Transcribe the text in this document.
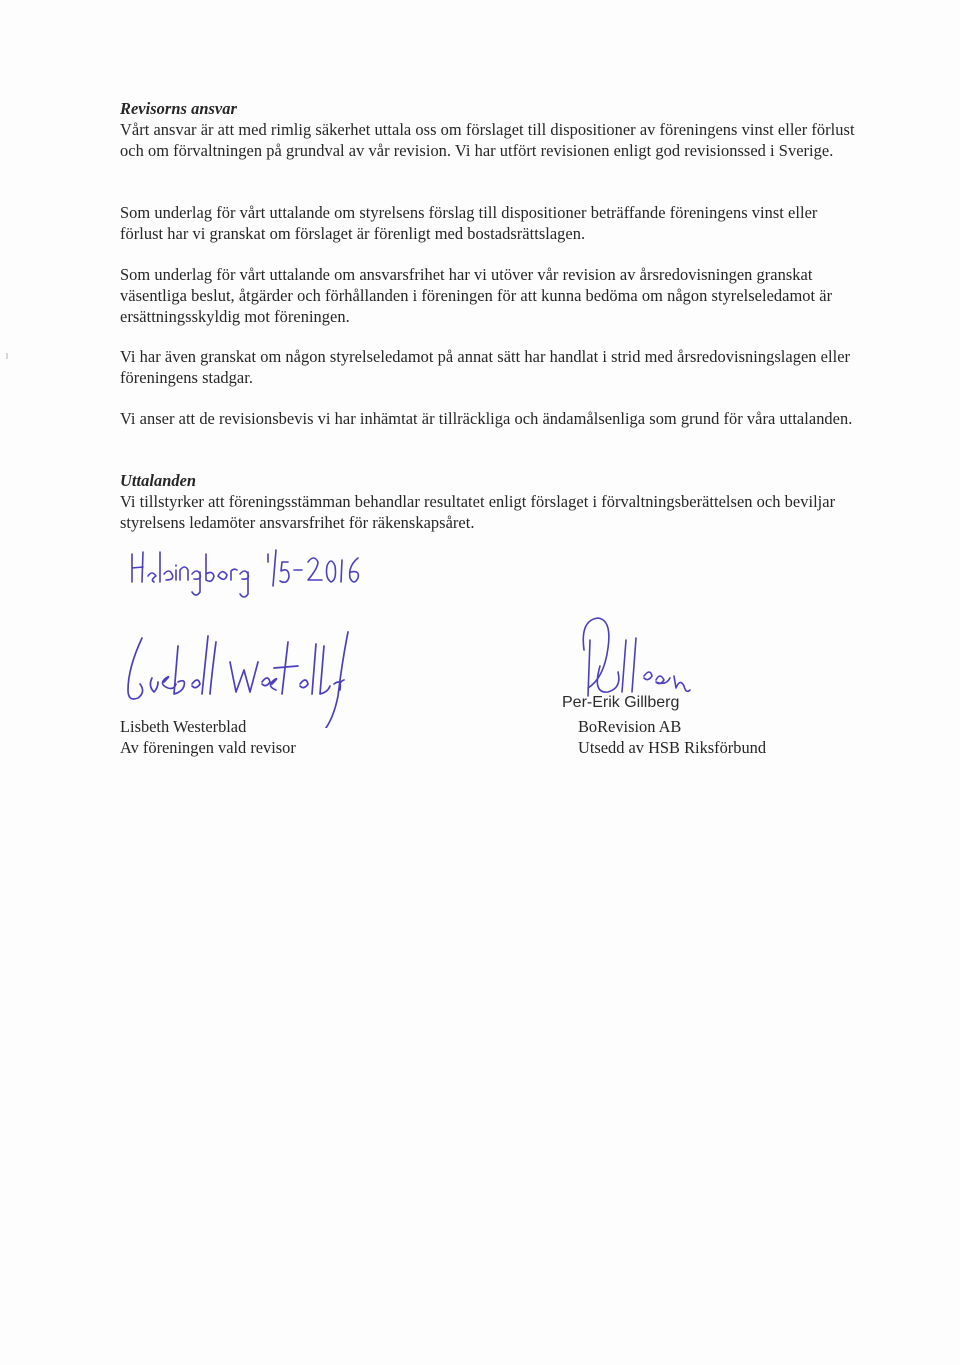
Revisorns ansvar

Vårt ansvar är att med rimlig säkerhet uttala oss om förslaget till dispositioner av föreningens vinst eller förlust och om förvaltningen på grundval av vår revision. Vi har utfört revisionen enligt god revisionssed i Sverige.

Som underlag för vårt uttalande om styrelsens förslag till dispositioner beträffande föreningens vinst eller förlust har vi granskat om förslaget är förenligt med bostadsrättslagen.

Som underlag för vårt uttalande om ansvarsfrihet har vi utöver vår revision av årsredovisningen granskat väsentliga beslut, åtgärder och förhållanden i föreningen för att kunna bedöma om någon styrelseledamot är ersättningsskyldig mot föreningen.

Vi har även granskat om någon styrelseledamot på annat sätt har handlat i strid med årsredovisningslagen eller föreningens stadgar.

Vi anser att de revisionsbevis vi har inhämtat är tillräckliga och ändamålsenliga som grund för våra uttalanden.

Uttalanden

Vi tillstyrker att föreningsstämman behandlar resultatet enligt förslaget i förvaltningsberättelsen och beviljar styrelsens ledamöter ansvarsfrihet för räkenskapsåret.

Per-Erik Gillberg
Lisbeth Westerblad
Av föreningen vald revisor
BoRevision AB
Utsedd av HSB Riksförbund
